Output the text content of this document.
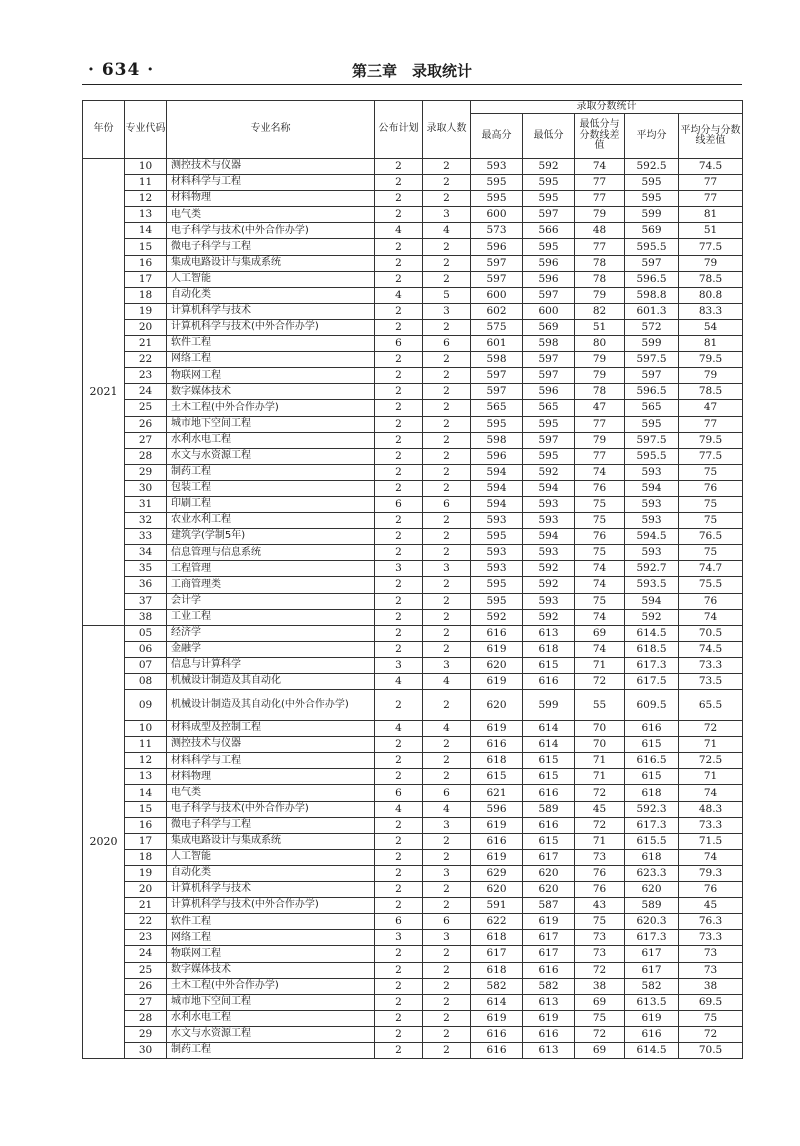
· 634 ·	第三章　录取统计
年份	专业代码	专业名称	公布计划	录取人数	录取分数统计				
					最高分	最低分	最低分与分数线差值	平均分	平均分与分数线差值
2021	10	测控技术与仪器	2	2	593	592	74	592.5	74.5
	11	材料科学与工程	2	2	595	595	77	595	77
	12	材料物理	2	2	595	595	77	595	77
	13	电气类	2	3	600	597	79	599	81
	14	电子科学与技术(中外合作办学)	4	4	573	566	48	569	51
	15	微电子科学与工程	2	2	596	595	77	595.5	77.5
	16	集成电路设计与集成系统	2	2	597	596	78	597	79
	17	人工智能	2	2	597	596	78	596.5	78.5
	18	自动化类	4	5	600	597	79	598.8	80.8
	19	计算机科学与技术	2	3	602	600	82	601.3	83.3
	20	计算机科学与技术(中外合作办学)	2	2	575	569	51	572	54
	21	软件工程	6	6	601	598	80	599	81
	22	网络工程	2	2	598	597	79	597.5	79.5
	23	物联网工程	2	2	597	597	79	597	79
	24	数字媒体技术	2	2	597	596	78	596.5	78.5
	25	土木工程(中外合作办学)	2	2	565	565	47	565	47
	26	城市地下空间工程	2	2	595	595	77	595	77
	27	水利水电工程	2	2	598	597	79	597.5	79.5
	28	水文与水资源工程	2	2	596	595	77	595.5	77.5
	29	制药工程	2	2	594	592	74	593	75
	30	包装工程	2	2	594	594	76	594	76
	31	印刷工程	6	6	594	593	75	593	75
	32	农业水利工程	2	2	593	593	75	593	75
	33	建筑学(学制5年)	2	2	595	594	76	594.5	76.5
	34	信息管理与信息系统	2	2	593	593	75	593	75
	35	工程管理	3	3	593	592	74	592.7	74.7
	36	工商管理类	2	2	595	592	74	593.5	75.5
	37	会计学	2	2	595	593	75	594	76
	38	工业工程	2	2	592	592	74	592	74
2020	05	经济学	2	2	616	613	69	614.5	70.5
	06	金融学	2	2	619	618	74	618.5	74.5
	07	信息与计算科学	3	3	620	615	71	617.3	73.3
	08	机械设计制造及其自动化	4	4	619	616	72	617.5	73.5
	09	机械设计制造及其自动化(中外合作办学)	2	2	620	599	55	609.5	65.5
	10	材料成型及控制工程	4	4	619	614	70	616	72
	11	测控技术与仪器	2	2	616	614	70	615	71
	12	材料科学与工程	2	2	618	615	71	616.5	72.5
	13	材料物理	2	2	615	615	71	615	71
	14	电气类	6	6	621	616	72	618	74
	15	电子科学与技术(中外合作办学)	4	4	596	589	45	592.3	48.3
	16	微电子科学与工程	2	3	619	616	72	617.3	73.3
	17	集成电路设计与集成系统	2	2	616	615	71	615.5	71.5
	18	人工智能	2	2	619	617	73	618	74
	19	自动化类	2	3	629	620	76	623.3	79.3
	20	计算机科学与技术	2	2	620	620	76	620	76
	21	计算机科学与技术(中外合作办学)	2	2	591	587	43	589	45
	22	软件工程	6	6	622	619	75	620.3	76.3
	23	网络工程	3	3	618	617	73	617.3	73.3
	24	物联网工程	2	2	617	617	73	617	73
	25	数字媒体技术	2	2	618	616	72	617	73
	26	土木工程(中外合作办学)	2	2	582	582	38	582	38
	27	城市地下空间工程	2	2	614	613	69	613.5	69.5
	28	水利水电工程	2	2	619	619	75	619	75
	29	水文与水资源工程	2	2	616	616	72	616	72
	30	制药工程	2	2	616	613	69	614.5	70.5
